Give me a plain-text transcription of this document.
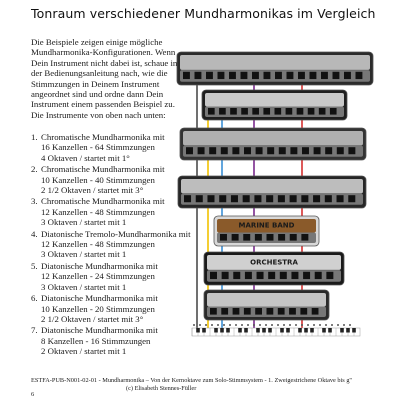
Tonraum verschiedener Mundharmonikas im Vergleich
Die Beispiele zeigen einige mögliche Mundharmonika-Konfigurationen. Wenn Dein Instrument nicht dabei ist, schaue in der Bedienungsanleitung nach, wie die Stimmzungen in Deinem Instrument angeordnet sind und ordne dann Dein Instrument einem passenden Beispiel zu.
Die Instrumente von oben nach unten:
1. Chromatische Mundharmonika mit
16 Kanzellen - 64 Stimmzungen
4 Oktaven / startet mit 1°
2. Chromatische Mundharmonika mit
10 Kanzellen - 40 Stimmzungen
2 1/2 Oktaven / startet mit 3°
3. Chromatische Mundharmonika mit
12 Kanzellen - 48 Stimmzungen
3 Oktaven / startet mit 1
4. Diatonische Tremolo-Mundharmonika mit
12 Kanzellen - 48 Stimmzungen
3 Oktaven / startet mit 1
5. Diatonische Mundharmonika mit
12 Kanzellen - 24 Stimmzungen
3 Oktaven / startet mit 1
6. Diatonische Mundharmonika mit
10 Kanzellen - 20 Stimmzungen
2 1/2 Oktaven / startet mit 3°
7. Diatonische Mundharmonika mit
8 Kanzellen - 16 Stimmzungen
2 Oktaven / startet mit 1
MARINE BAND
ORCHESTRA
ESTFA-PUB-N001-02-01 - Mundharmonika – Von der Kernoktave zum Solo-Stimmsystem - 1. Zweigestrichene Oktave bis g''
(c) Elisabeth Stennes-Füller
6
